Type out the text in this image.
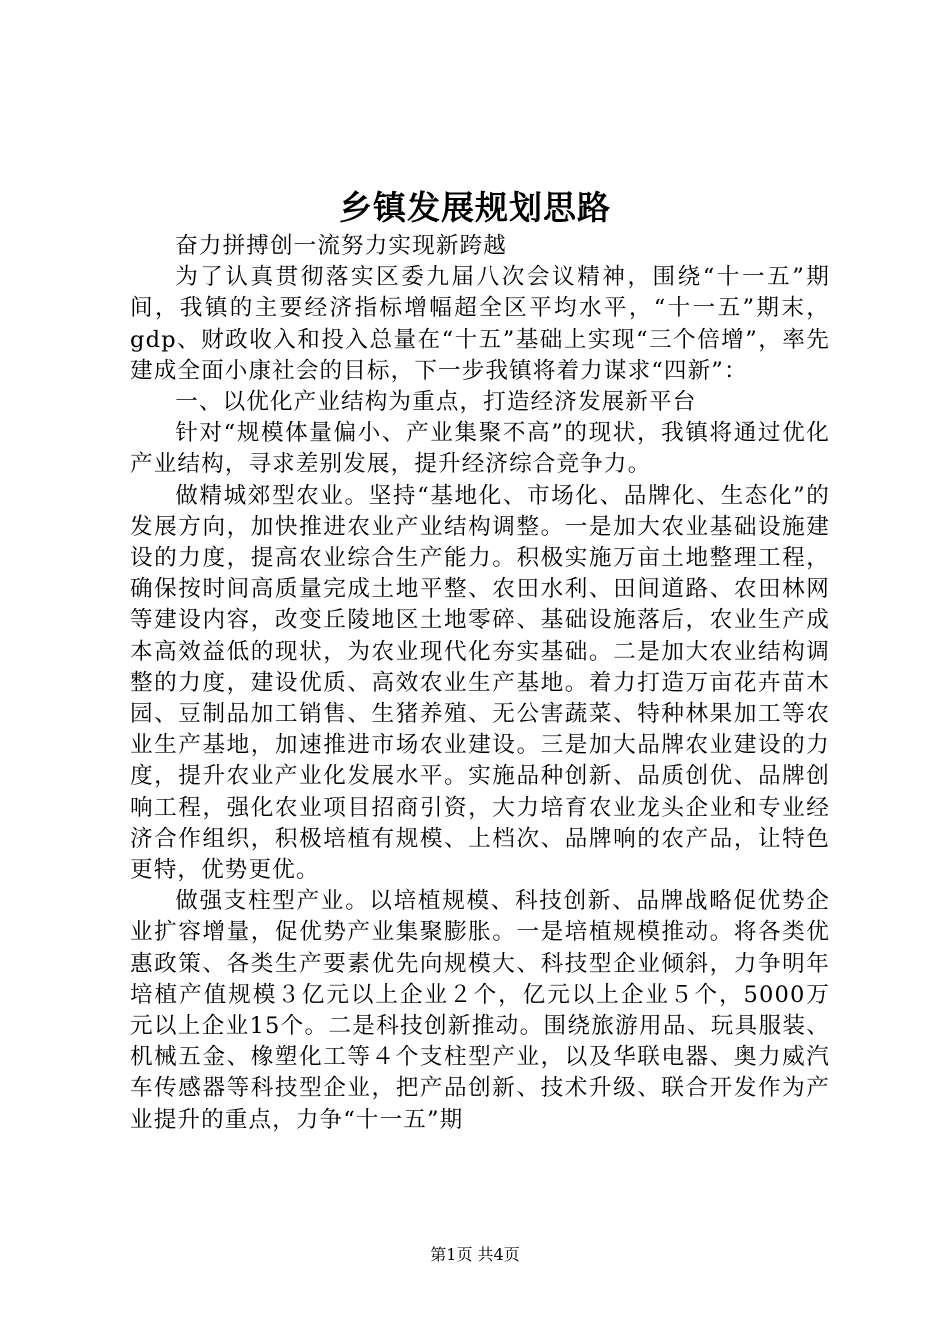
乡镇发展规划思路

奋力拼搏创一流努力实现新跨越

为了认真贯彻落实区委九届八次会议精神，围绕“十一五”期间，我镇的主要经济指标增幅超全区平均水平，“十一五”期末，gdp、财政收入和投入总量在“十五”基础上实现“三个倍增”，率先建成全面小康社会的目标，下一步我镇将着力谋求“四新”：

一、以优化产业结构为重点，打造经济发展新平台

针对“规模体量偏小、产业集聚不高”的现状，我镇将通过优化产业结构，寻求差别发展，提升经济综合竞争力。

做精城郊型农业。坚持“基地化、市场化、品牌化、生态化”的发展方向，加快推进农业产业结构调整。一是加大农业基础设施建设的力度，提高农业综合生产能力。积极实施万亩土地整理工程，确保按时间高质量完成土地平整、农田水利、田间道路、农田林网等建设内容，改变丘陵地区土地零碎、基础设施落后，农业生产成本高效益低的现状，为农业现代化夯实基础。二是加大农业结构调整的力度，建设优质、高效农业生产基地。着力打造万亩花卉苗木园、豆制品加工销售、生猪养殖、无公害蔬菜、特种林果加工等农业生产基地，加速推进市场农业建设。三是加大品牌农业建设的力度，提升农业产业化发展水平。实施品种创新、品质创优、品牌创响工程，强化农业项目招商引资，大力培育农业龙头企业和专业经济合作组织，积极培植有规模、上档次、品牌响的农产品，让特色更特，优势更优。

做强支柱型产业。以培植规模、科技创新、品牌战略促优势企业扩容增量，促优势产业集聚膨胀。一是培植规模推动。将各类优惠政策、各类生产要素优先向规模大、科技型企业倾斜，力争明年培植产值规模３亿元以上企业２个，亿元以上企业５个，5000万元以上企业15个。二是科技创新推动。围绕旅游用品、玩具服装、机械五金、橡塑化工等４个支柱型产业，以及华联电器、奥力威汽车传感器等科技型企业，把产品创新、技术升级、联合开发作为产业提升的重点，力争“十一五”期

第1页 共4页
